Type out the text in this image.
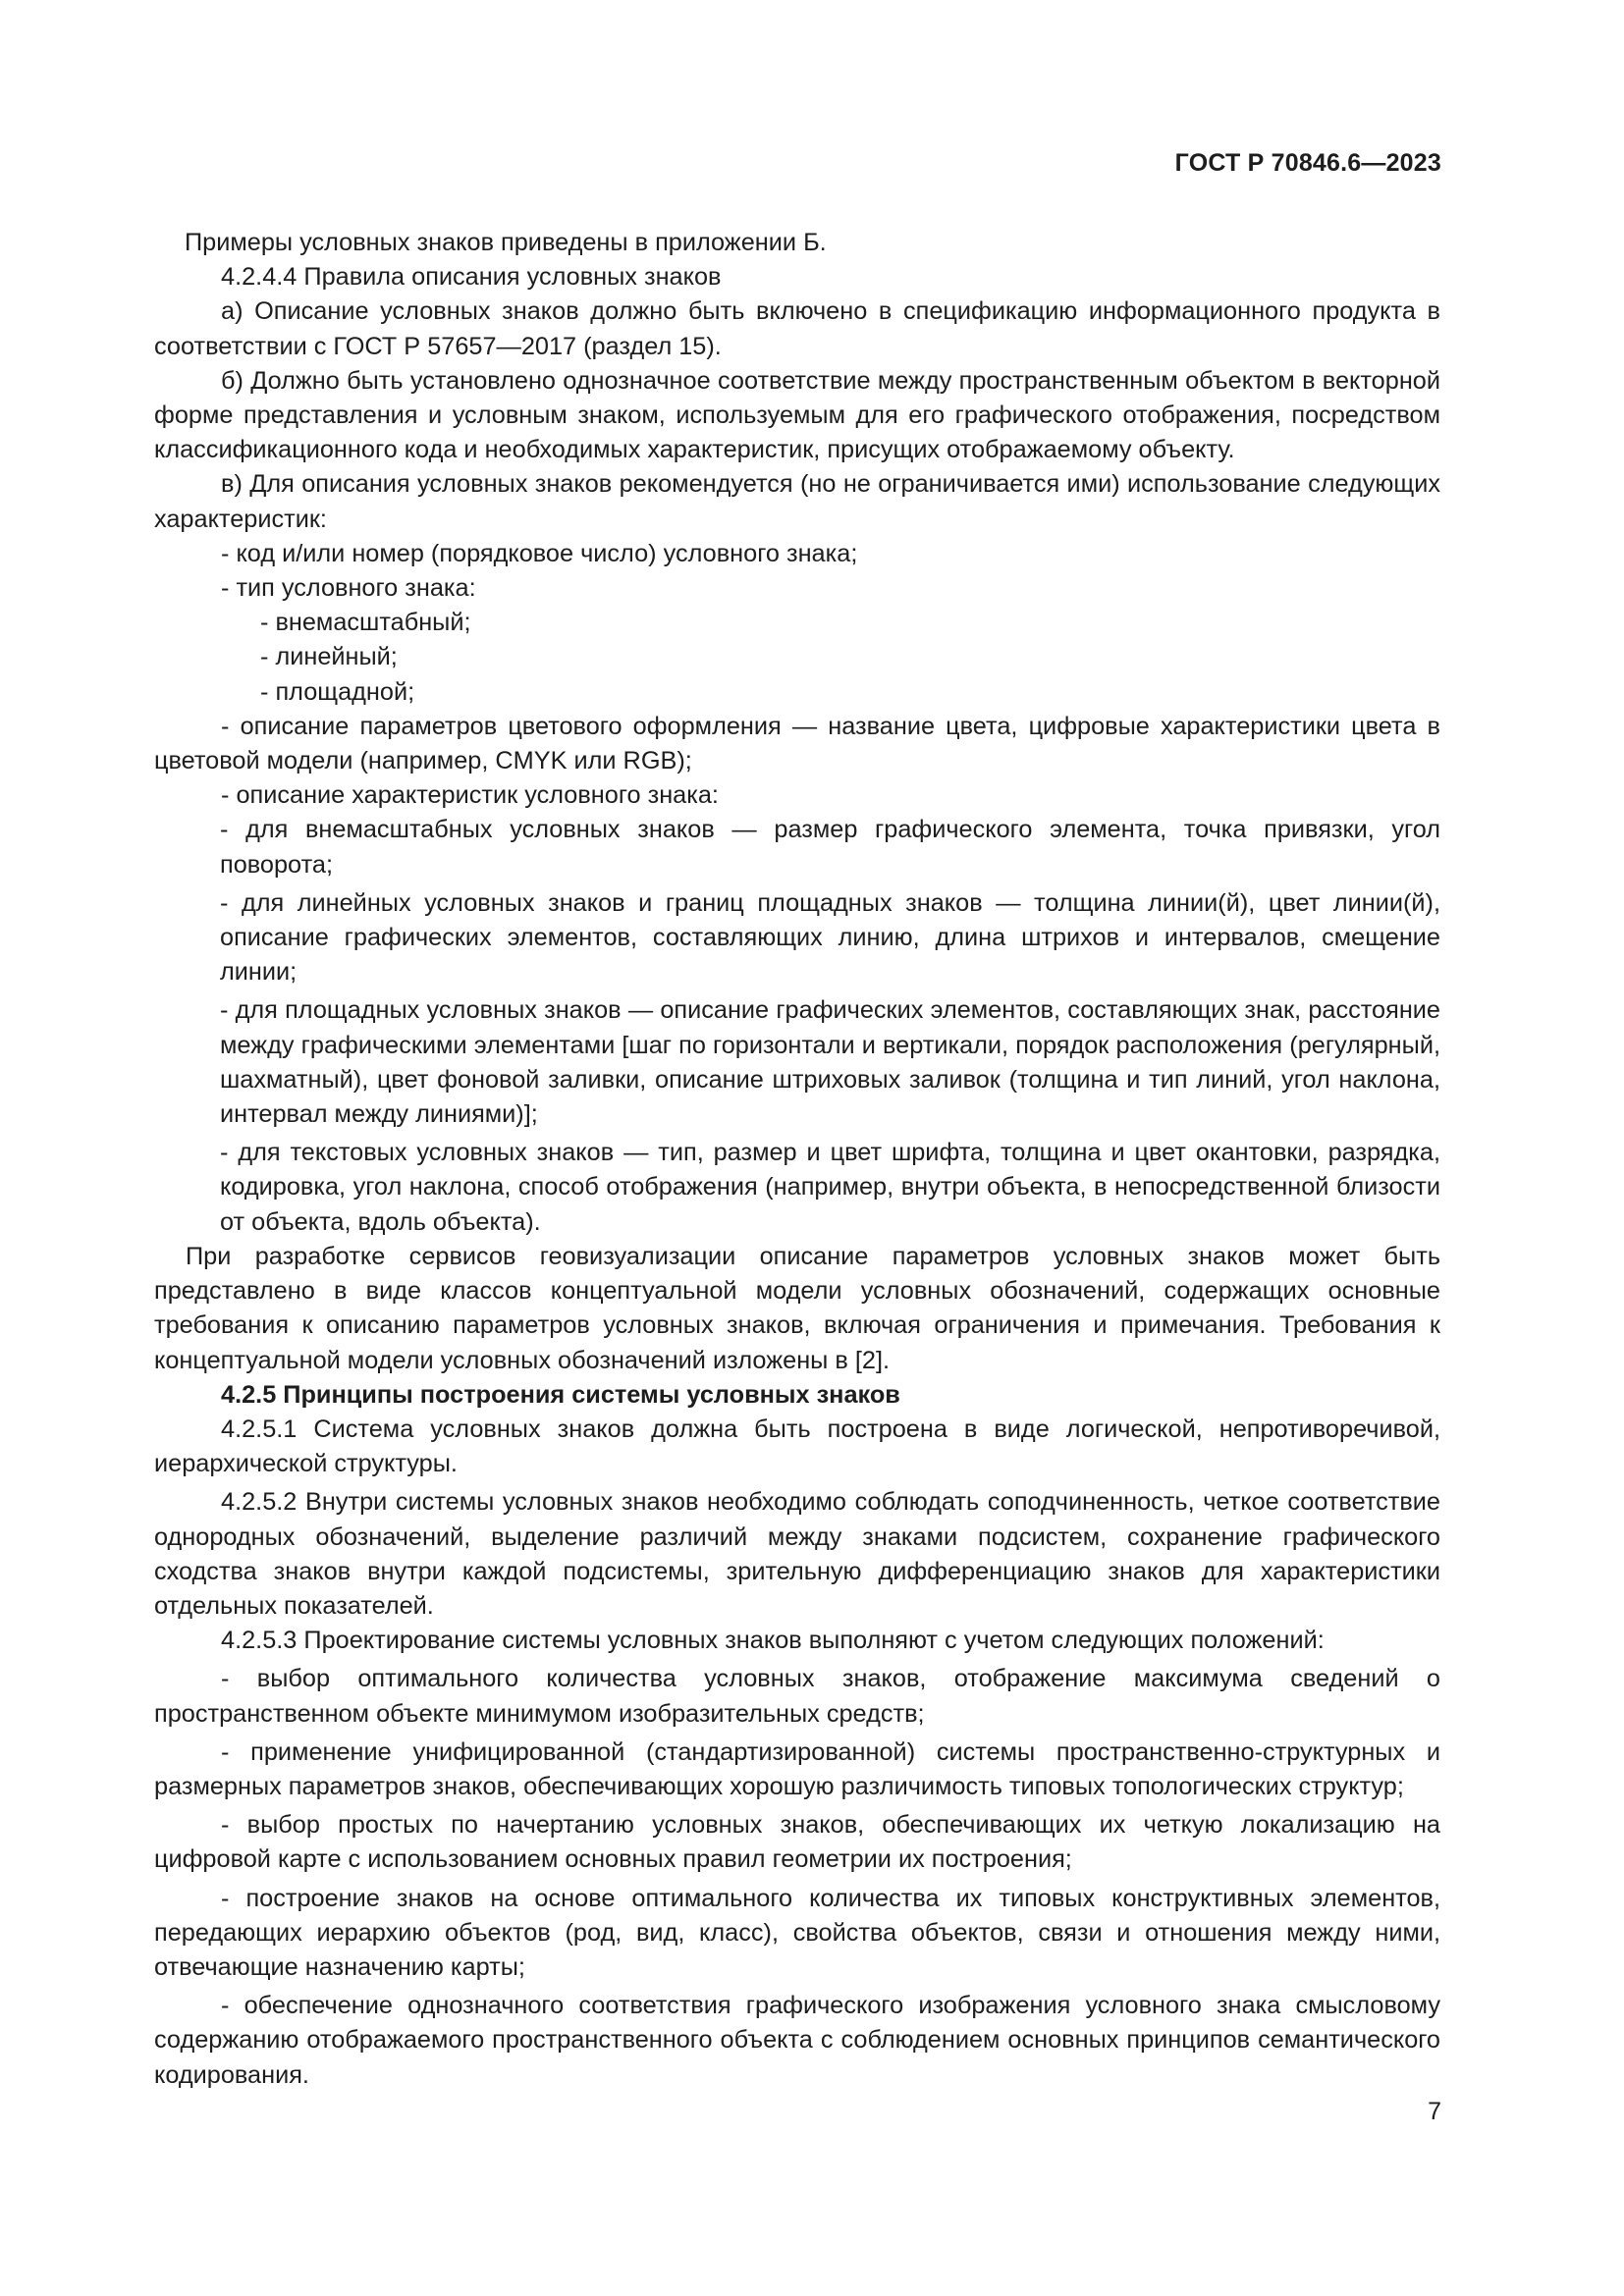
ГОСТ Р 70846.6—2023

Примеры условных знаков приведены в приложении Б.

4.2.4.4 Правила описания условных знаков

а) Описание условных знаков должно быть включено в спецификацию информационного продукта в соответствии с ГОСТ Р 57657—2017 (раздел 15).

б) Должно быть установлено однозначное соответствие между пространственным объектом в векторной форме представления и условным знаком, используемым для его графического отображения, посредством классификационного кода и необходимых характеристик, присущих отображаемому объекту.

в) Для описания условных знаков рекомендуется (но не ограничивается ими) использование следующих характеристик:

- код и/или номер (порядковое число) условного знака;

- тип условного знака:

- внемасштабный;

- линейный;

- площадной;

- описание параметров цветового оформления — название цвета, цифровые характеристики цвета в цветовой модели (например, CMYK или RGB);

- описание характеристик условного знака:

- для внемасштабных условных знаков — размер графического элемента, точка привязки, угол поворота;

- для линейных условных знаков и границ площадных знаков — толщина линии(й), цвет линии(й), описание графических элементов, составляющих линию, длина штрихов и интервалов, смещение линии;

- для площадных условных знаков — описание графических элементов, составляющих знак, расстояние между графическими элементами [шаг по горизонтали и вертикали, порядок расположения (регулярный, шахматный), цвет фоновой заливки, описание штриховых заливок (толщина и тип линий, угол наклона, интервал между линиями)];

- для текстовых условных знаков — тип, размер и цвет шрифта, толщина и цвет окантовки, разрядка, кодировка, угол наклона, способ отображения (например, внутри объекта, в непосредственной близости от объекта, вдоль объекта).

При разработке сервисов геовизуализации описание параметров условных знаков может быть представлено в виде классов концептуальной модели условных обозначений, содержащих основные требования к описанию параметров условных знаков, включая ограничения и примечания. Требования к концептуальной модели условных обозначений изложены в [2].

4.2.5 Принципы построения системы условных знаков

4.2.5.1 Система условных знаков должна быть построена в виде логической, непротиворечивой, иерархической структуры.

4.2.5.2 Внутри системы условных знаков необходимо соблюдать соподчиненность, четкое соответствие однородных обозначений, выделение различий между знаками подсистем, сохранение графического сходства знаков внутри каждой подсистемы, зрительную дифференциацию знаков для характеристики отдельных показателей.

4.2.5.3 Проектирование системы условных знаков выполняют с учетом следующих положений:

- выбор оптимального количества условных знаков, отображение максимума сведений о пространственном объекте минимумом изобразительных средств;

- применение унифицированной (стандартизированной) системы пространственно-структурных и размерных параметров знаков, обеспечивающих хорошую различимость типовых топологических структур;

- выбор простых по начертанию условных знаков, обеспечивающих их четкую локализацию на цифровой карте с использованием основных правил геометрии их построения;

- построение знаков на основе оптимального количества их типовых конструктивных элементов, передающих иерархию объектов (род, вид, класс), свойства объектов, связи и отношения между ними, отвечающие назначению карты;

- обеспечение однозначного соответствия графического изображения условного знака смысловому содержанию отображаемого пространственного объекта с соблюдением основных принципов семантического кодирования.

7
